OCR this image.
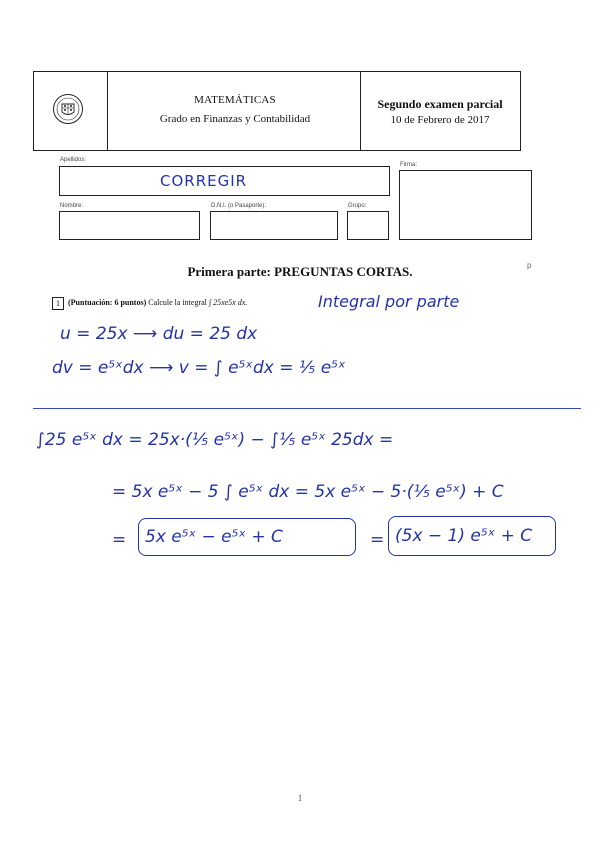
MATEMÁTICAS
Grado en Finanzas y Contabilidad
Segundo examen parcial
10 de Febrero de 2017
Apellidos:
CORREGIR
Firma:
Nombre:	D.N.I. (o Pasaporte):	Grupo:
p
Primera parte: PREGUNTAS CORTAS.
1	(Puntuación: 6 puntos) Calcule la integral ∫ 25xe5x dx.	Integral por parte
u = 25x ⟶ du = 25 dx
dv = e⁵ˣdx ⟶ v = ∫ e⁵ˣdx = ¹⁄₅ e⁵ˣ
∫25 e⁵ˣ dx = 25x·(¹⁄₅ e⁵ˣ) − ∫¹⁄₅ e⁵ˣ 25dx =
= 5x e⁵ˣ − 5 ∫ e⁵ˣ dx = 5x e⁵ˣ − 5·(¹⁄₅ e⁵ˣ) + C
=	5x e⁵ˣ − e⁵ˣ + C	= (5x − 1) e⁵ˣ + C
1
